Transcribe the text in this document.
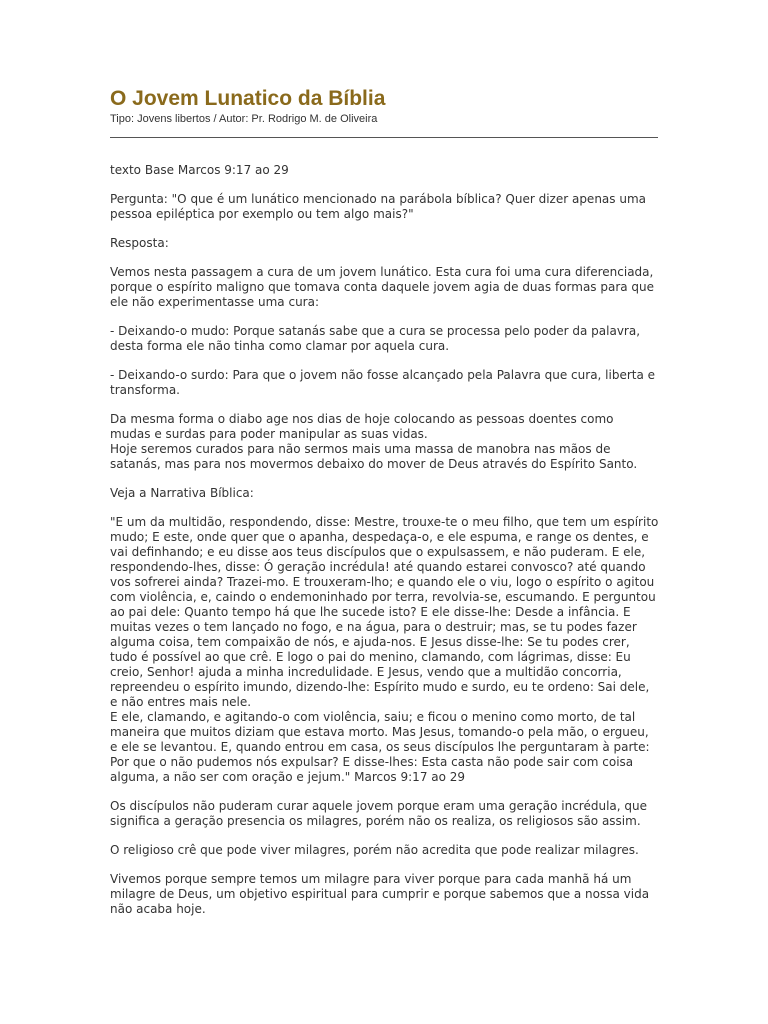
O Jovem Lunatico da Bíblia
Tipo: Jovens libertos / Autor: Pr. Rodrigo M. de Oliveira

texto Base Marcos 9:17 ao 29

Pergunta: "O que é um lunático mencionado na parábola bíblica? Quer dizer apenas uma
pessoa epiléptica por exemplo ou tem algo mais?"

Resposta:

Vemos nesta passagem a cura de um jovem lunático. Esta cura foi uma cura diferenciada,
porque o espírito maligno que tomava conta daquele jovem agia de duas formas para que
ele não experimentasse uma cura:

- Deixando-o mudo: Porque satanás sabe que a cura se processa pelo poder da palavra,
desta forma ele não tinha como clamar por aquela cura.

- Deixando-o surdo: Para que o jovem não fosse alcançado pela Palavra que cura, liberta e
transforma.

Da mesma forma o diabo age nos dias de hoje colocando as pessoas doentes como
mudas e surdas para poder manipular as suas vidas.
Hoje seremos curados para não sermos mais uma massa de manobra nas mãos de
satanás, mas para nos movermos debaixo do mover de Deus através do Espírito Santo.

Veja a Narrativa Bíblica:

"E um da multidão, respondendo, disse: Mestre, trouxe-te o meu filho, que tem um espírito
mudo; E este, onde quer que o apanha, despedaça-o, e ele espuma, e range os dentes, e
vai definhando; e eu disse aos teus discípulos que o expulsassem, e não puderam. E ele,
respondendo-lhes, disse: Ó geração incrédula! até quando estarei convosco? até quando
vos sofrerei ainda? Trazei-mo. E trouxeram-lho; e quando ele o viu, logo o espírito o agitou
com violência, e, caindo o endemoninhado por terra, revolvia-se, escumando. E perguntou
ao pai dele: Quanto tempo há que lhe sucede isto? E ele disse-lhe: Desde a infância. E
muitas vezes o tem lançado no fogo, e na água, para o destruir; mas, se tu podes fazer
alguma coisa, tem compaixão de nós, e ajuda-nos. E Jesus disse-lhe: Se tu podes crer,
tudo é possível ao que crê. E logo o pai do menino, clamando, com lágrimas, disse: Eu
creio, Senhor! ajuda a minha incredulidade. E Jesus, vendo que a multidão concorria,
repreendeu o espírito imundo, dizendo-lhe: Espírito mudo e surdo, eu te ordeno: Sai dele,
e não entres mais nele.
E ele, clamando, e agitando-o com violência, saiu; e ficou o menino como morto, de tal
maneira que muitos diziam que estava morto. Mas Jesus, tomando-o pela mão, o ergueu,
e ele se levantou. E, quando entrou em casa, os seus discípulos lhe perguntaram à parte:
Por que o não pudemos nós expulsar? E disse-lhes: Esta casta não pode sair com coisa
alguma, a não ser com oração e jejum." Marcos 9:17 ao 29

Os discípulos não puderam curar aquele jovem porque eram uma geração incrédula, que
significa a geração presencia os milagres, porém não os realiza, os religiosos são assim.

O religioso crê que pode viver milagres, porém não acredita que pode realizar milagres.

Vivemos porque sempre temos um milagre para viver porque para cada manhã há um
milagre de Deus, um objetivo espiritual para cumprir e porque sabemos que a nossa vida
não acaba hoje.
